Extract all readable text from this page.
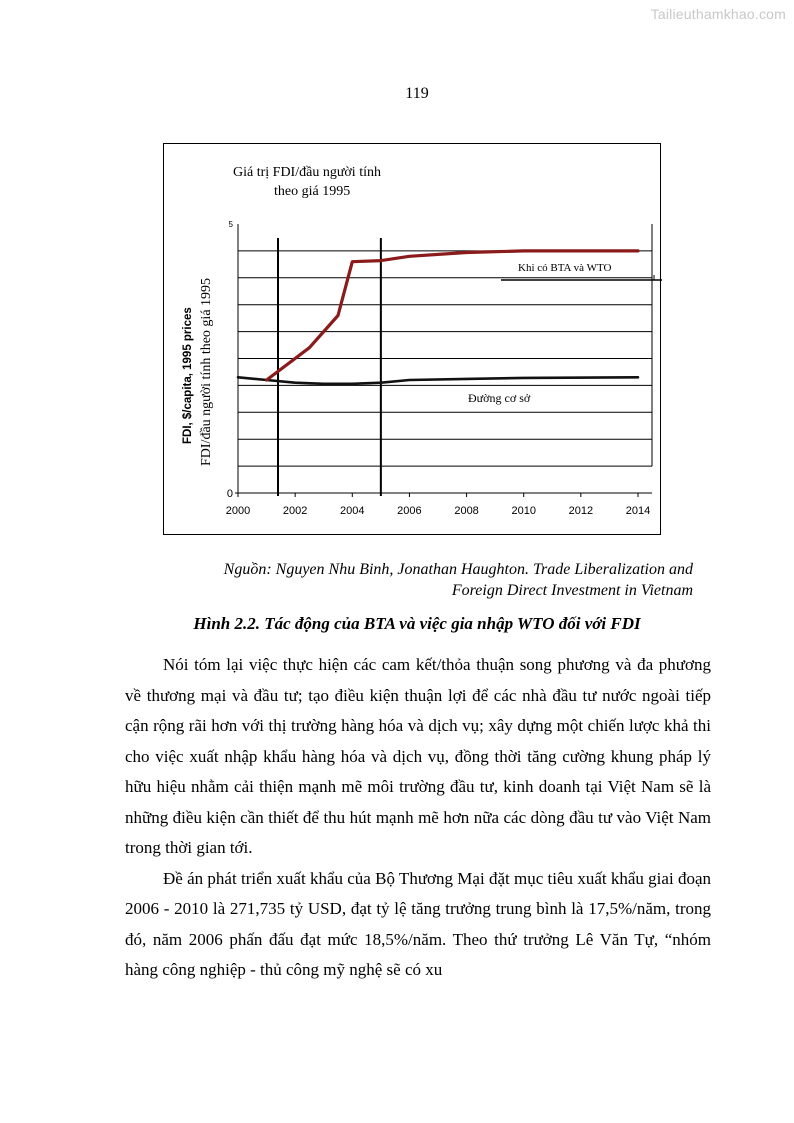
Tailieuthamkhao.com
119
2000	2002	2004	2006	2008	2010	2012	2014
0
5
Giá trị FDI/đầu người tính
theo giá 1995
FDI, $/capita, 1995 prices FDI/đầu người tính theo giá 1995
Khi có BTA và WTO
Đường cơ sở
Nguồn: Nguyen Nhu Binh, Jonathan Haughton. Trade Liberalization and
Foreign Direct Investment in Vietnam
Hình 2.2. Tác động của BTA và việc gia nhập WTO đối với FDI

Nói tóm lại việc thực hiện các cam kết/thỏa thuận song phương và đa phương về thương mại và đầu tư; tạo điều kiện thuận lợi để các nhà đầu tư nước ngoài tiếp cận rộng rãi hơn với thị trường hàng hóa và dịch vụ; xây dựng một chiến lược khả thi cho việc xuất nhập khẩu hàng hóa và dịch vụ, đồng thời tăng cường khung pháp lý hữu hiệu nhằm cải thiện mạnh mẽ môi trường đầu tư, kinh doanh tại Việt Nam sẽ là những điều kiện cần thiết để thu hút mạnh mẽ hơn nữa các dòng đầu tư vào Việt Nam trong thời gian tới.

Đề án phát triển xuất khẩu của Bộ Thương Mại đặt mục tiêu xuất khẩu giai đoạn 2006 - 2010 là 271,735 tỷ USD, đạt tỷ lệ tăng trưởng trung bình là 17,5%/năm, trong đó, năm 2006 phấn đấu đạt mức 18,5%/năm. Theo thứ trưởng Lê Văn Tự, “nhóm hàng công nghiệp - thủ công mỹ nghệ sẽ có xu
